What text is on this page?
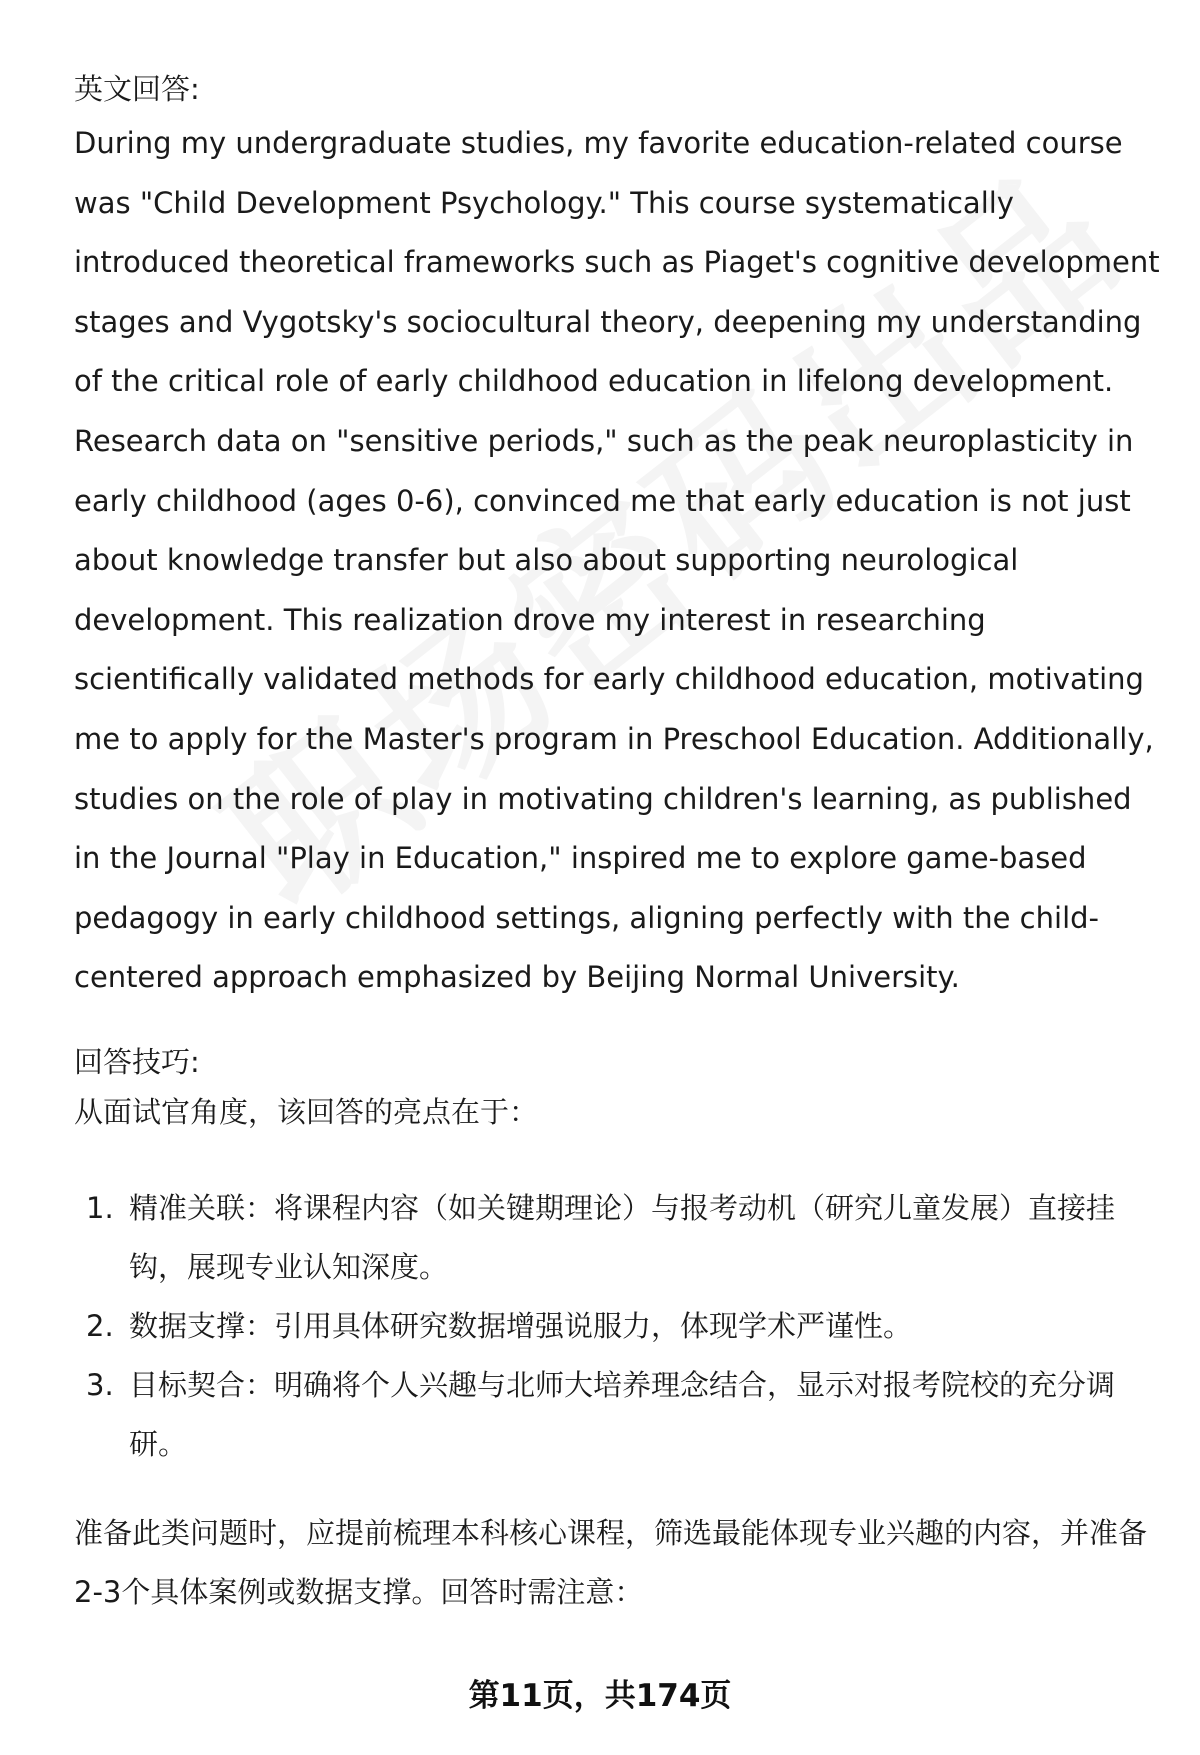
英文回答:

During my undergraduate studies, my favorite education-related course was "Child Development Psychology." This course systematically introduced theoretical frameworks such as Piaget's cognitive development stages and Vygotsky's sociocultural theory, deepening my understanding of the critical role of early childhood education in lifelong development. Research data on "sensitive periods," such as the peak neuroplasticity in early childhood (ages 0-6), convinced me that early education is not just about knowledge transfer but also about supporting neurological development. This realization drove my interest in researching scientifically validated methods for early childhood education, motivating me to apply for the Master's program in Preschool Education. Additionally, studies on the role of play in motivating children's learning, as published in the Journal "Play in Education," inspired me to explore game-based pedagogy in early childhood settings, aligning perfectly with the child-centered approach emphasized by Beijing Normal University.

回答技巧:

从面试官角度，该回答的亮点在于：

1. 精准关联：将课程内容（如关键期理论）与报考动机（研究儿童发展）直接挂钩，展现专业认知深度。
2. 数据支撑：引用具体研究数据增强说服力，体现学术严谨性。
3. 目标契合：明确将个人兴趣与北师大培养理念结合，显示对报考院校的充分调研。

准备此类问题时，应提前梳理本科核心课程，筛选最能体现专业兴趣的内容，并准备2-3个具体案例或数据支撑。回答时需注意：

第11页，共174页
